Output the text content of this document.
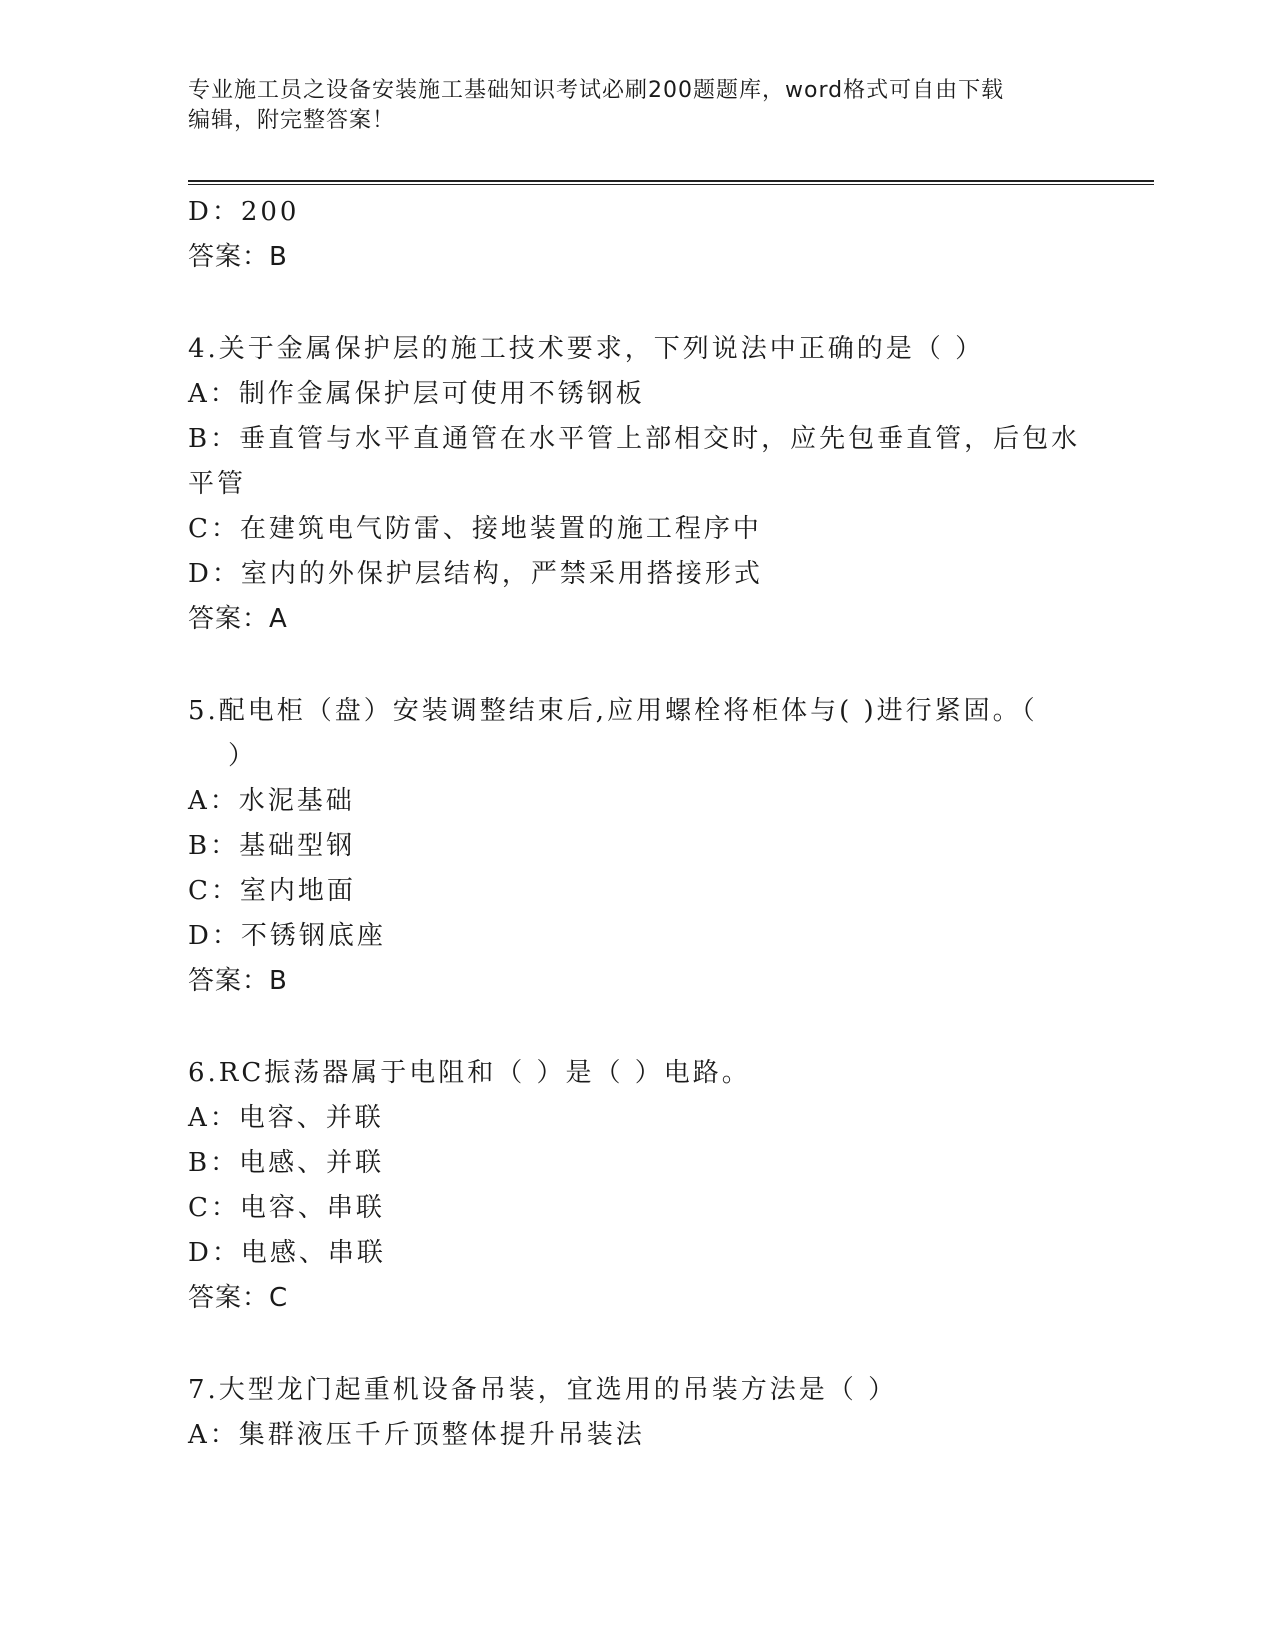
专业施工员之设备安装施工基础知识考试必刷200题题库，word格式可自由下载
编辑，附完整答案！
D：200
答案：B
4.关于金属保护层的施工技术要求，下列说法中正确的是（ ）
A：制作金属保护层可使用不锈钢板
B：垂直管与水平直通管在水平管上部相交时，应先包垂直管，后包水
平管
C：在建筑电气防雷、接地装置的施工程序中
D：室内的外保护层结构，严禁采用搭接形式
答案：A
5.配电柜（盘）安装调整结束后,应用螺栓将柜体与( )进行紧固。（
）
A：水泥基础
B：基础型钢
C：室内地面
D：不锈钢底座
答案：B
6.RC振荡器属于电阻和（ ）是（ ）电路。
A：电容、并联
B：电感、并联
C：电容、串联
D：电感、串联
答案：C
7.大型龙门起重机设备吊装，宜选用的吊装方法是（ ）
A：集群液压千斤顶整体提升吊装法
